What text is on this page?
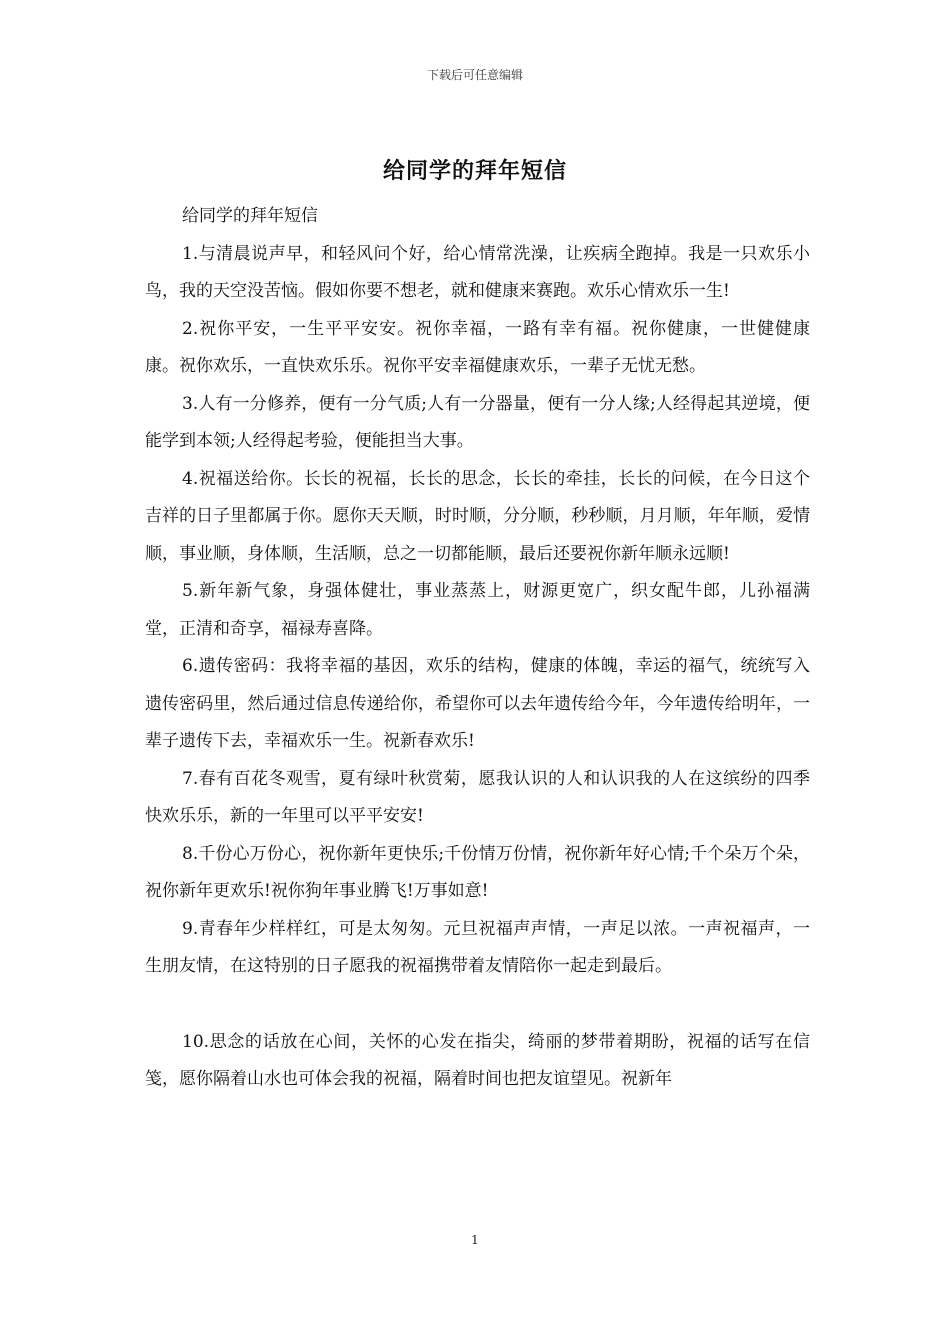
下载后可任意编辑
给同学的拜年短信

给同学的拜年短信

1.与清晨说声早，和轻风问个好，给心情常洗澡，让疾病全跑掉。我是一只欢乐小鸟，我的天空没苦恼。假如你要不想老，就和健康来赛跑。欢乐心情欢乐一生!

2.祝你平安，一生平平安安。祝你幸福，一路有幸有福。祝你健康，一世健健康康。祝你欢乐，一直快欢乐乐。祝你平安幸福健康欢乐，一辈子无忧无愁。

3.人有一分修养，便有一分气质;人有一分器量，便有一分人缘;人经得起其逆境，便能学到本领;人经得起考验，便能担当大事。

4.祝福送给你。长长的祝福，长长的思念，长长的牵挂，长长的问候，在今日这个吉祥的日子里都属于你。愿你天天顺，时时顺，分分顺，秒秒顺，月月顺，年年顺，爱情顺，事业顺，身体顺，生活顺，总之一切都能顺，最后还要祝你新年顺永远顺!

5.新年新气象，身强体健壮，事业蒸蒸上，财源更宽广，织女配牛郎，儿孙福满堂，正清和奇享，福禄寿喜降。

6.遗传密码：我将幸福的基因，欢乐的结构，健康的体魄，幸运的福气，统统写入遗传密码里，然后通过信息传递给你，希望你可以去年遗传给今年，今年遗传给明年，一辈子遗传下去，幸福欢乐一生。祝新春欢乐!

7.春有百花冬观雪，夏有绿叶秋赏菊，愿我认识的人和认识我的人在这缤纷的四季快欢乐乐，新的一年里可以平平安安!

8.千份心万份心，祝你新年更快乐;千份情万份情，祝你新年好心情;千个朵万个朵，祝你新年更欢乐!祝你狗年事业腾飞!万事如意!

9.青春年少样样红，可是太匆匆。元旦祝福声声情，一声足以浓。一声祝福声，一生朋友情，在这特别的日子愿我的祝福携带着友情陪你一起走到最后。

10.思念的话放在心间，关怀的心发在指尖，绮丽的梦带着期盼，祝福的话写在信笺，愿你隔着山水也可体会我的祝福，隔着时间也把友谊望见。祝新年

1
